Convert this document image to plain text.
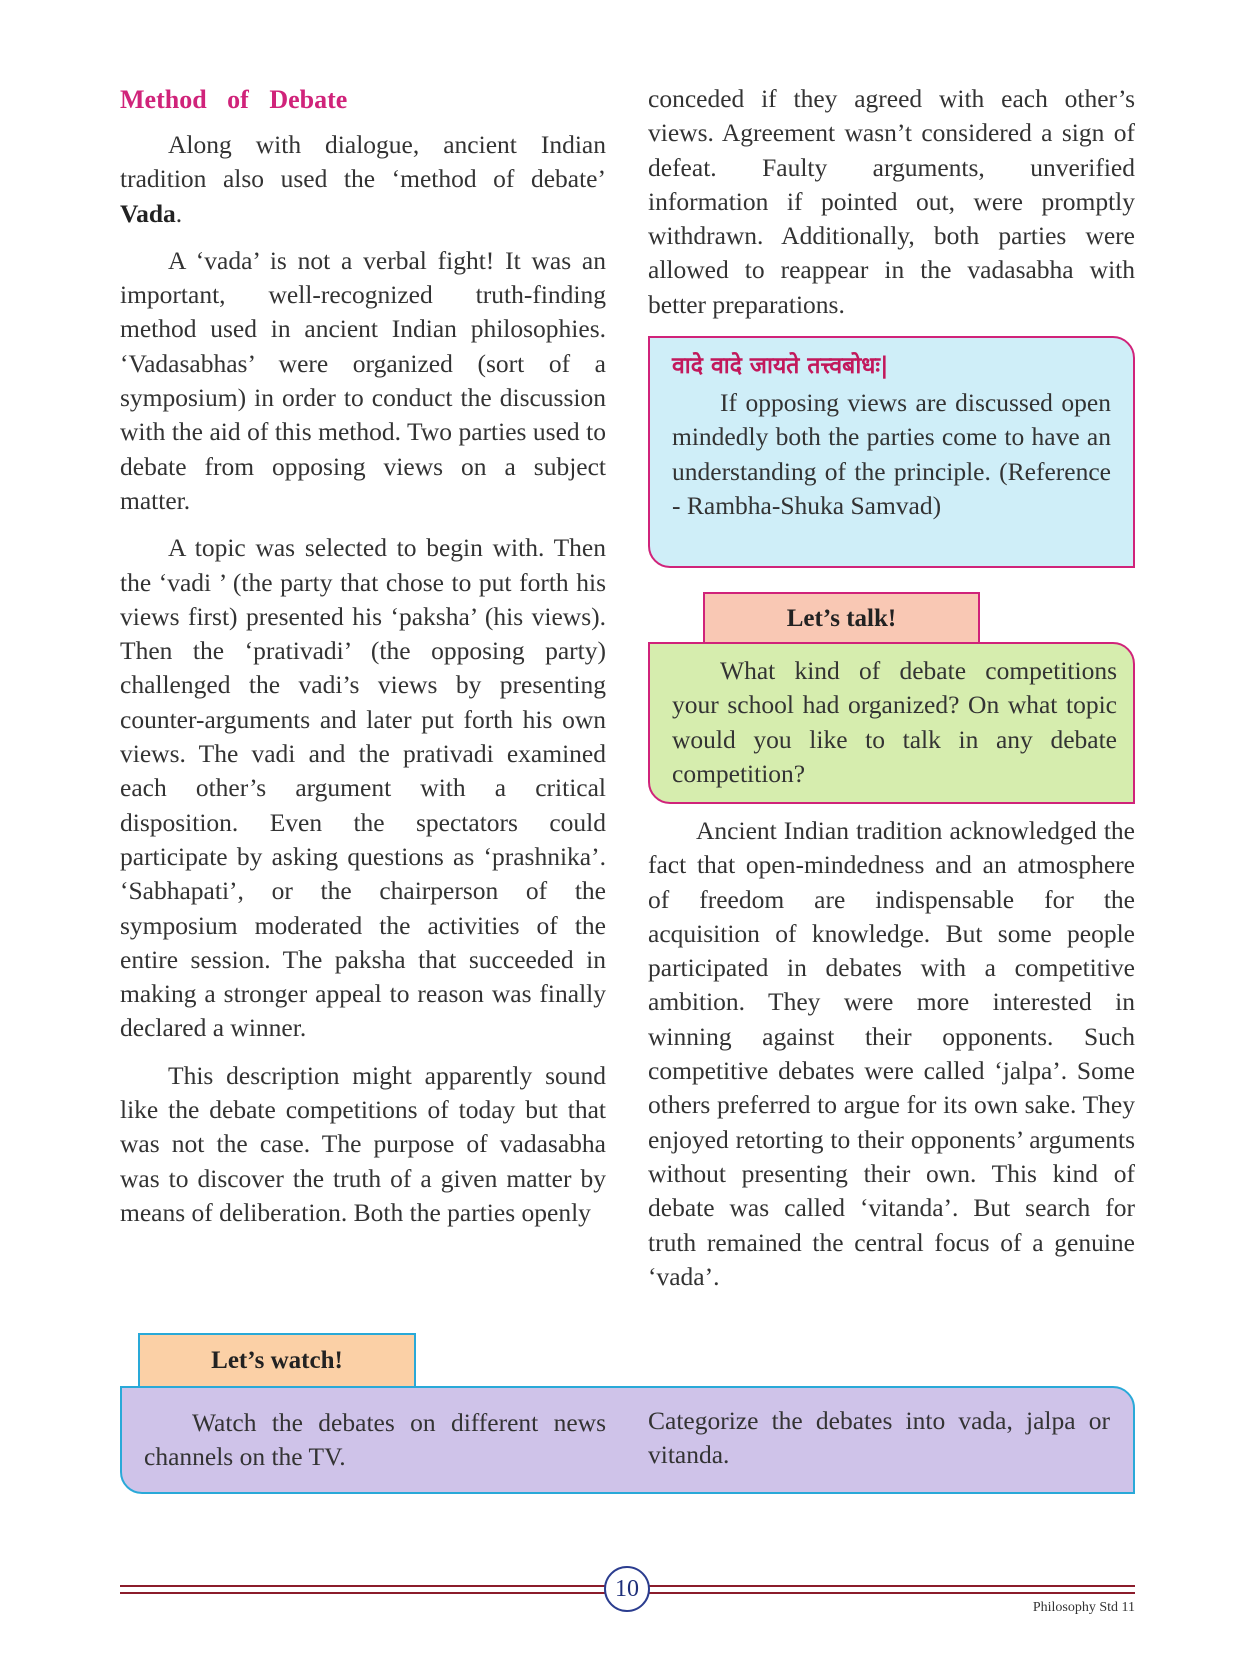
Method of Debate

Along with dialogue, ancient Indian tradition also used the ‘method of debate’ Vada.

A ‘vada’ is not a verbal fight! It was an important, well-recognized truth-finding method used in ancient Indian philosophies. ‘Vadasabhas’ were organized (sort of a symposium) in order to conduct the discussion with the aid of this method. Two parties used to debate from opposing views on a subject matter.

A topic was selected to begin with. Then the ‘vadi ’ (the party that chose to put forth his views first) presented his ‘paksha’ (his views). Then the ‘prativadi’ (the opposing party) challenged the vadi’s views by presenting counter-arguments and later put forth his own views. The vadi and the prativadi examined each other’s argument with a critical disposition. Even the spectators could participate by asking questions as ‘prashnika’. ‘Sabhapati’, or the chairperson of the symposium moderated the activities of the entire session. The paksha that succeeded in making a stronger appeal to reason was finally declared a winner.

This description might apparently sound like the debate competitions of today but that was not the case. The purpose of vadasabha was to discover the truth of a given matter by means of deliberation. Both the parties openly

conceded if they agreed with each other’s views. Agreement wasn’t considered a sign of defeat. Faulty arguments, unverified information if pointed out, were promptly withdrawn. Additionally, both parties were allowed to reappear in the vadasabha with better preparations.

वादे वादे जायते तत्त्वबोधः|

If opposing views are discussed open mindedly both the parties come to have an understanding of the principle. (Reference - Rambha-Shuka Samvad)

Let’s talk!

What kind of debate competitions your school had organized? On what topic would you like to talk in any debate competition?

Ancient Indian tradition acknowledged the fact that open-mindedness and an atmosphere of freedom are indispensable for the acquisition of knowledge. But some people participated in debates with a competitive ambition. They were more interested in winning against their opponents. Such competitive debates were called ‘jalpa’. Some others preferred to argue for its own sake. They enjoyed retorting to their opponents’ arguments without presenting their own. This kind of debate was called ‘vitanda’. But search for truth remained the central focus of a genuine ‘vada’.

Let’s watch!

Watch the debates on different news channels on the TV.

Categorize the debates into vada, jalpa or vitanda.

10
Philosophy Std 11
